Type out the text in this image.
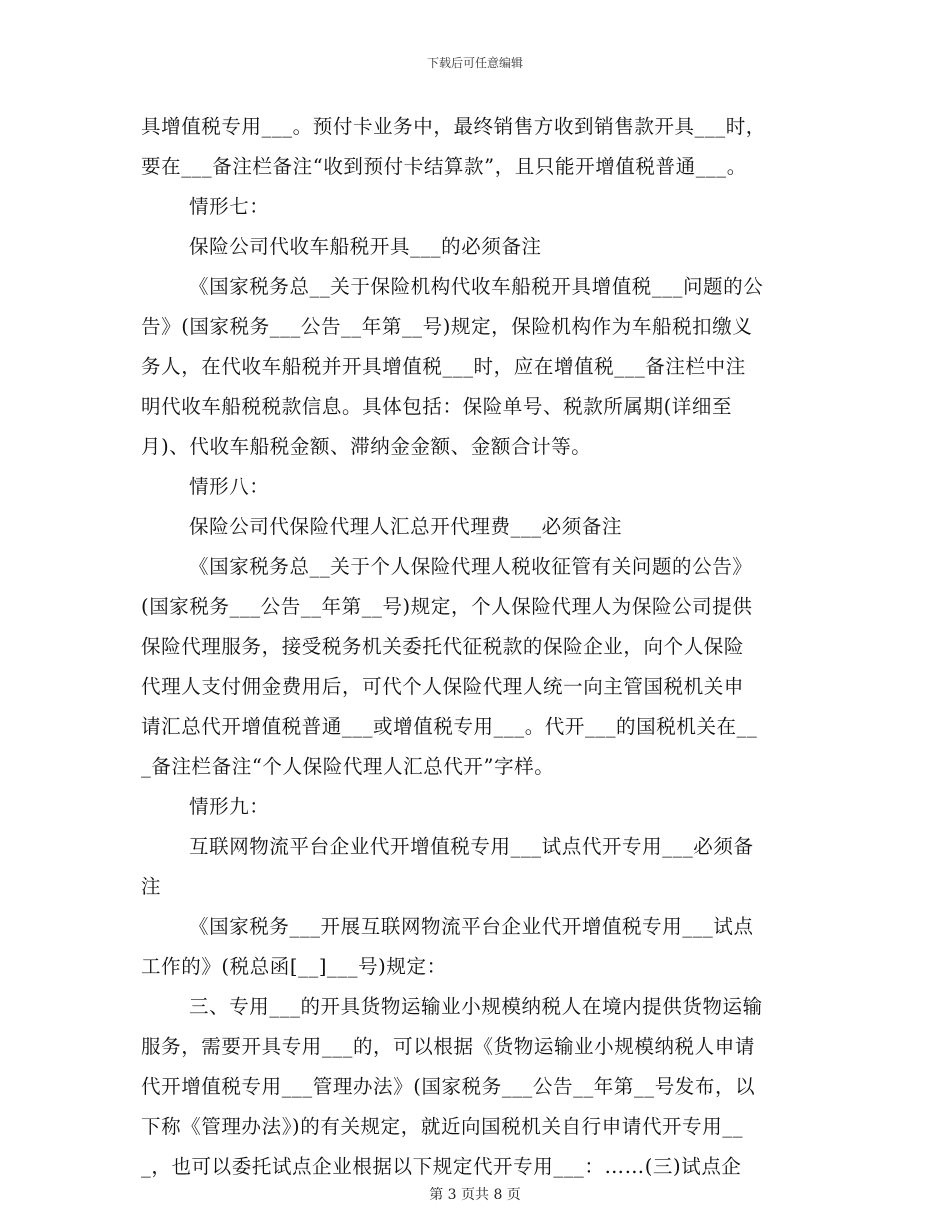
下载后可任意编辑
具增值税专用___。预付卡业务中，最终销售方收到销售款开具___时，
要在___备注栏备注“收到预付卡结算款”，且只能开增值税普通___。
情形七：
保险公司代收车船税开具___的必须备注
《国家税务总__关于保险机构代收车船税开具增值税___问题的公
告》(国家税务___公告__年第__号)规定，保险机构作为车船税扣缴义
务人，在代收车船税并开具增值税___时，应在增值税___备注栏中注
明代收车船税税款信息。具体包括：保险单号、税款所属期(详细至
月)、代收车船税金额、滞纳金金额、金额合计等。
情形八：
保险公司代保险代理人汇总开代理费___必须备注
《国家税务总__关于个人保险代理人税收征管有关问题的公告》
(国家税务___公告__年第__号)规定，个人保险代理人为保险公司提供
保险代理服务，接受税务机关委托代征税款的保险企业，向个人保险
代理人支付佣金费用后，可代个人保险代理人统一向主管国税机关申
请汇总代开增值税普通___或增值税专用___。代开___的国税机关在__
_备注栏备注“个人保险代理人汇总代开”字样。
情形九：
互联网物流平台企业代开增值税专用___试点代开专用___必须备
注
《国家税务___开展互联网物流平台企业代开增值税专用___试点
工作的》(税总函[__]___号)规定：
三、专用___的开具货物运输业小规模纳税人在境内提供货物运输
服务，需要开具专用___的，可以根据《货物运输业小规模纳税人申请
代开增值税专用___管理办法》(国家税务___公告__年第__号发布，以
下称《管理办法》)的有关规定，就近向国税机关自行申请代开专用__
_，也可以委托试点企业根据以下规定代开专用___：……(三)试点企
第 3 页共 8 页
